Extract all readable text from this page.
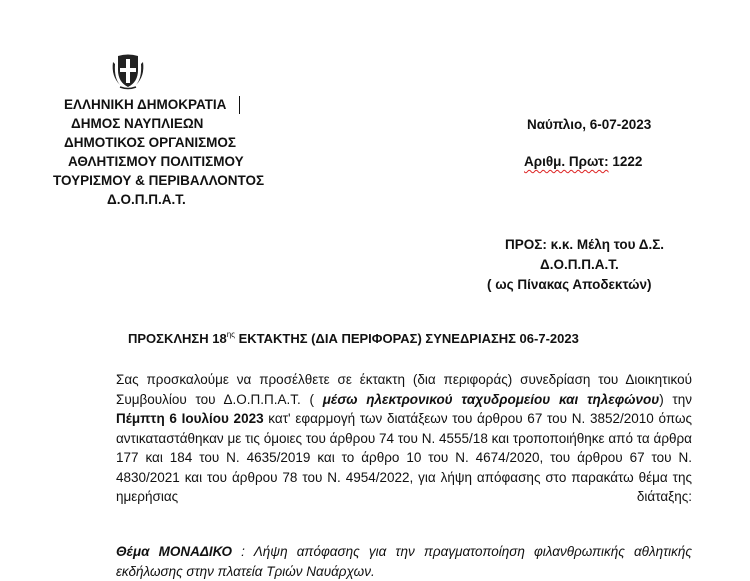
ΕΛΛΗΝΙΚΗ ΔΗΜΟΚΡΑΤΙΑ
ΔΗΜΟΣ ΝΑΥΠΛΙΕΩΝ
ΔΗΜΟΤΙΚΟΣ ΟΡΓΑΝΙΣΜΟΣ
ΑΘΛΗΤΙΣΜΟΥ ΠΟΛΙΤΙΣΜΟΥ
ΤΟΥΡΙΣΜΟΥ & ΠΕΡΙΒΑΛΛΟΝΤΟΣ
Δ.Ο.Π.Π.Α.Τ.
Ναύπλιο, 6-07-2023
Αριθμ. Πρωτ: 1222
ΠΡΟΣ: κ.κ. Μέλη του Δ.Σ.
Δ.Ο.Π.Π.Α.Τ.
( ως Πίνακας Αποδεκτών)
ΠΡΟΣΚΛΗΣΗ $18^{\eta\varsigma}$ ΕΚΤΑΚΤΗΣ (ΔΙΑ ΠΕΡΙΦΟΡΑΣ) ΣΥΝΕΔΡΙΑΣΗΣ 06-7-2023
Σας προσκαλούμε να προσέλθετε σε έκτακτη (δια περιφοράς) συνεδρίαση του Διοικητικού Συμβουλίου του Δ.Ο.Π.Π.Α.Τ. ( μέσω ηλεκτρονικού ταχυδρομείου και τηλεφώνου) την Πέμπτη 6 Ιουλίου 2023 κατ' εφαρμογή των διατάξεων του άρθρου 67 του Ν. 3852/2010 όπως αντικαταστάθηκαν με τις όμοιες του άρθρου 74 του Ν. 4555/18 και τροποποιήθηκε από τα άρθρα 177 και 184 του Ν. 4635/2019 και το άρθρο 10 του Ν. 4674/2020, του άρθρου 67 του Ν. 4830/2021 και του άρθρου 78 του Ν. 4954/2022, για λήψη απόφασης στο παρακάτω θέμα της ημερήσιας διάταξης:
Θέμα ΜΟΝΑΔΙΚΟ : Λήψη απόφασης για την πραγματοποίηση φιλανθρωπικής αθλητικής εκδήλωσης στην πλατεία Τριών Ναυάρχων.
